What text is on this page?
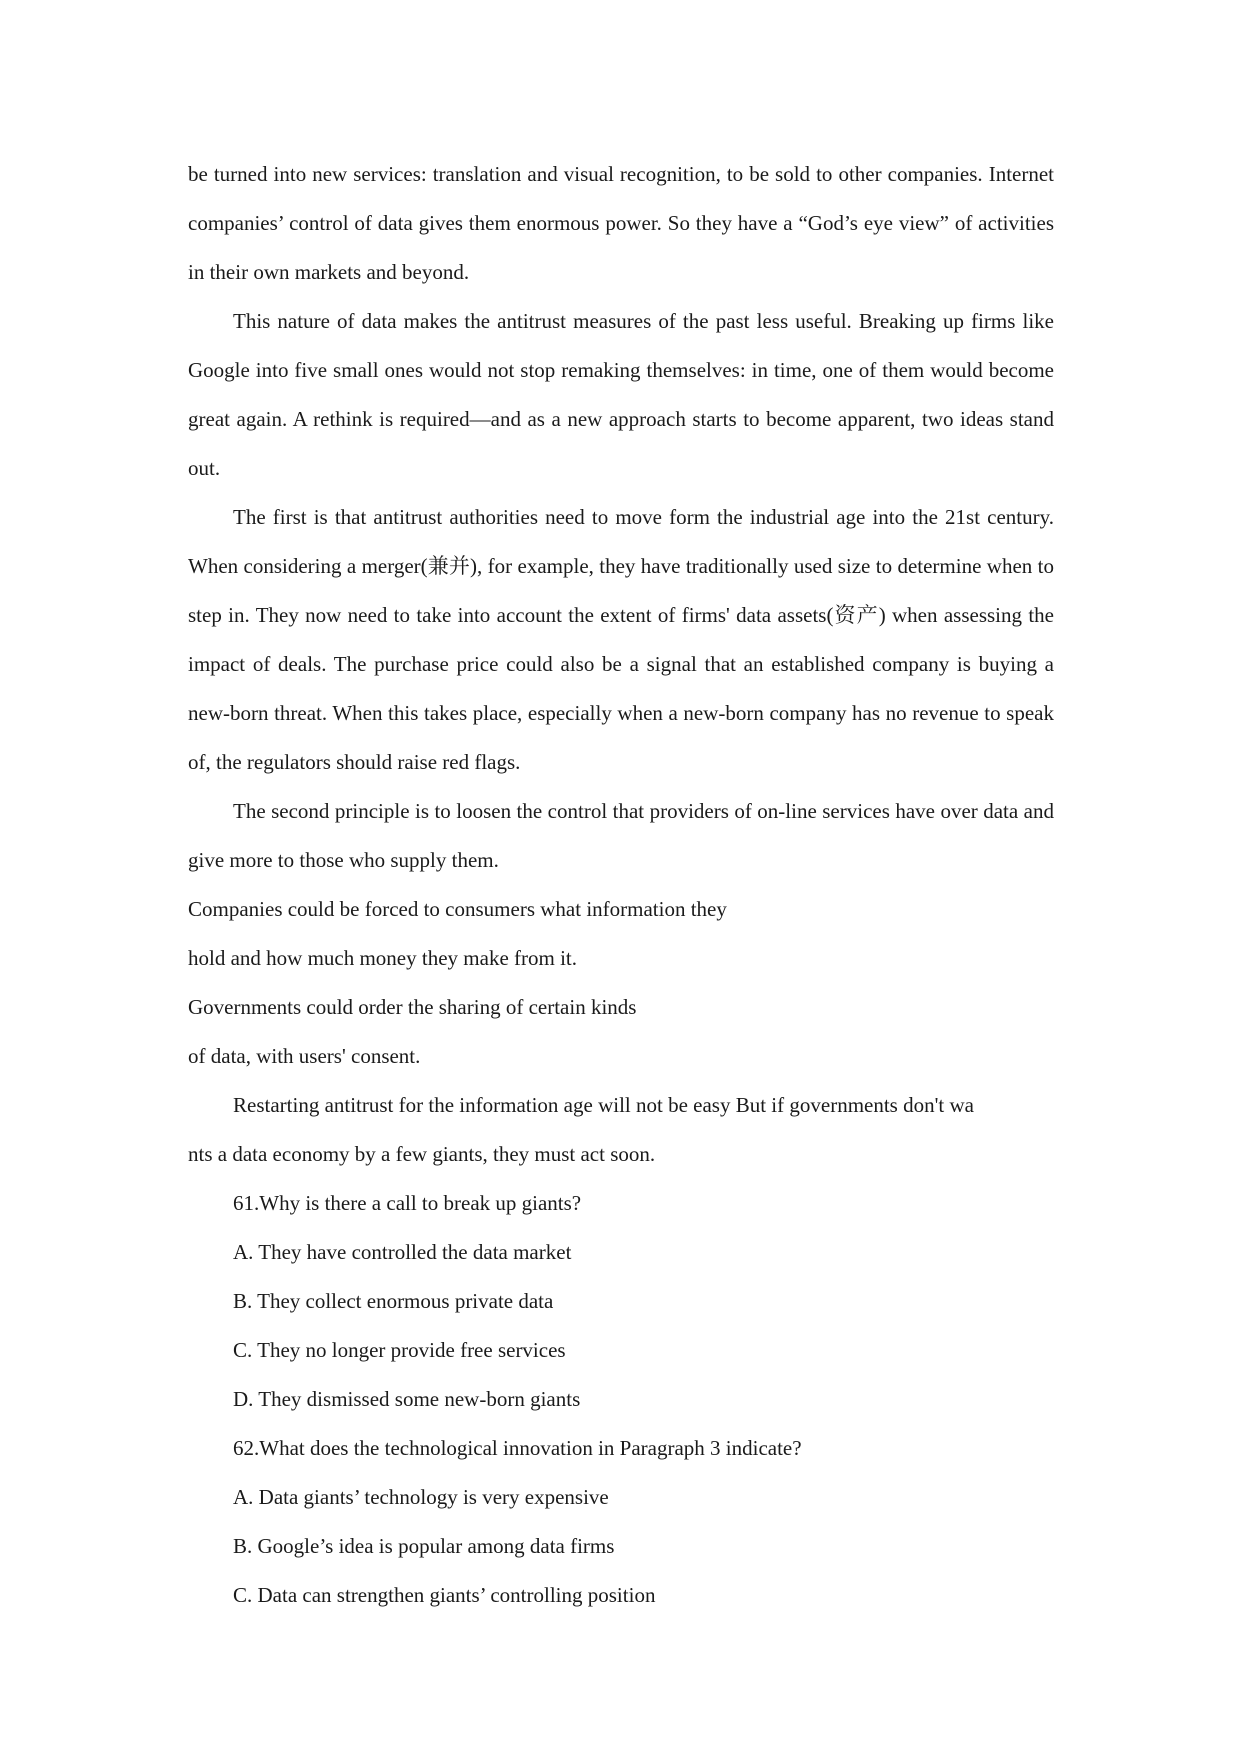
be turned into new services: translation and visual recognition, to be sold to other companies. Internet companies’ control of data gives them enormous power. So they have a “God’s eye view” of activities in their own markets and beyond.

This nature of data makes the antitrust measures of the past less useful. Breaking up firms like Google into five small ones would not stop remaking themselves: in time, one of them would become great again. A rethink is required—and as a new approach starts to become apparent, two ideas stand out.

The first is that antitrust authorities need to move form the industrial age into the 21st century. When considering a merger(兼并), for example, they have traditionally used size to determine when to step in. They now need to take into account the extent of firms' data assets(资产) when assessing the impact of deals. The purchase price could also be a signal that an established company is buying a new-born threat. When this takes place, especially when a new-born company has no revenue to speak of, the regulators should raise red flags.

The second principle is to loosen the control that providers of on-line services have over data and give more to those who supply them.

Companies could be forced to consumers what information they
hold and how much money they make from it.
Governments could order the sharing of certain kinds
of data, with users' consent.
Restarting antitrust for the information age will not be easy But if governments don't wa
nts a data economy by a few giants, they must act soon.
61.Why is there a call to break up giants?
A. They have controlled the data market
B. They collect enormous private data
C. They no longer provide free services
D. They dismissed some new-born giants
62.What does the technological innovation in Paragraph 3 indicate?
A. Data giants’ technology is very expensive
B. Google’s idea is popular among data firms
C. Data can strengthen giants’ controlling position
